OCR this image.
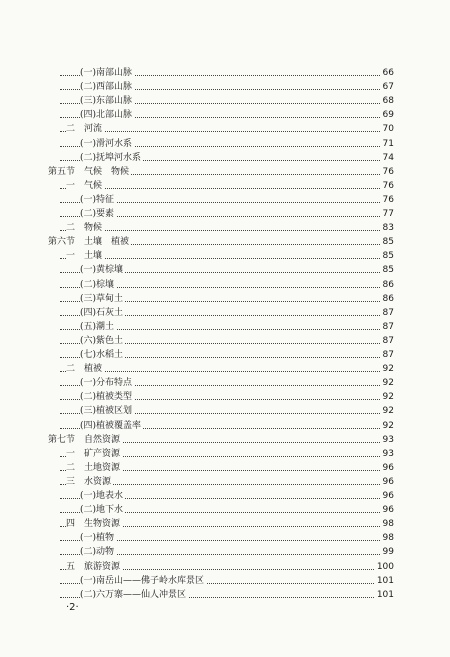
(一)南部山脉	66
(二)西部山脉	67
(三)东部山脉	68
(四)北部山脉	69
二　河流	70
(一)滑河水系	71
(二)抚埠河水系	74
第五节　气候　物候	76
一　气候	76
(一)特征	76
(二)要素	77
二　物候	83
第六节　土壤　植被	85
一　土壤	85
(一)黄棕壤	85
(二)棕壤	86
(三)草甸土	86
(四)石灰土	87
(五)潮土	87
(六)紫色土	87
(七)水稻土	87
二　植被	92
(一)分布特点	92
(二)植被类型	92
(三)植被区划	92
(四)植被覆盖率	92
第七节　自然资源	93
一　矿产资源	93
二　土地资源	96
三　水资源	96
(一)地表水	96
(二)地下水	96
四　生物资源	98
(一)植物	98
(二)动物	99
五　旅游资源	100
(一)南岳山——佛子岭水库景区	101
(二)六万寨——仙人冲景区	101
·2·
